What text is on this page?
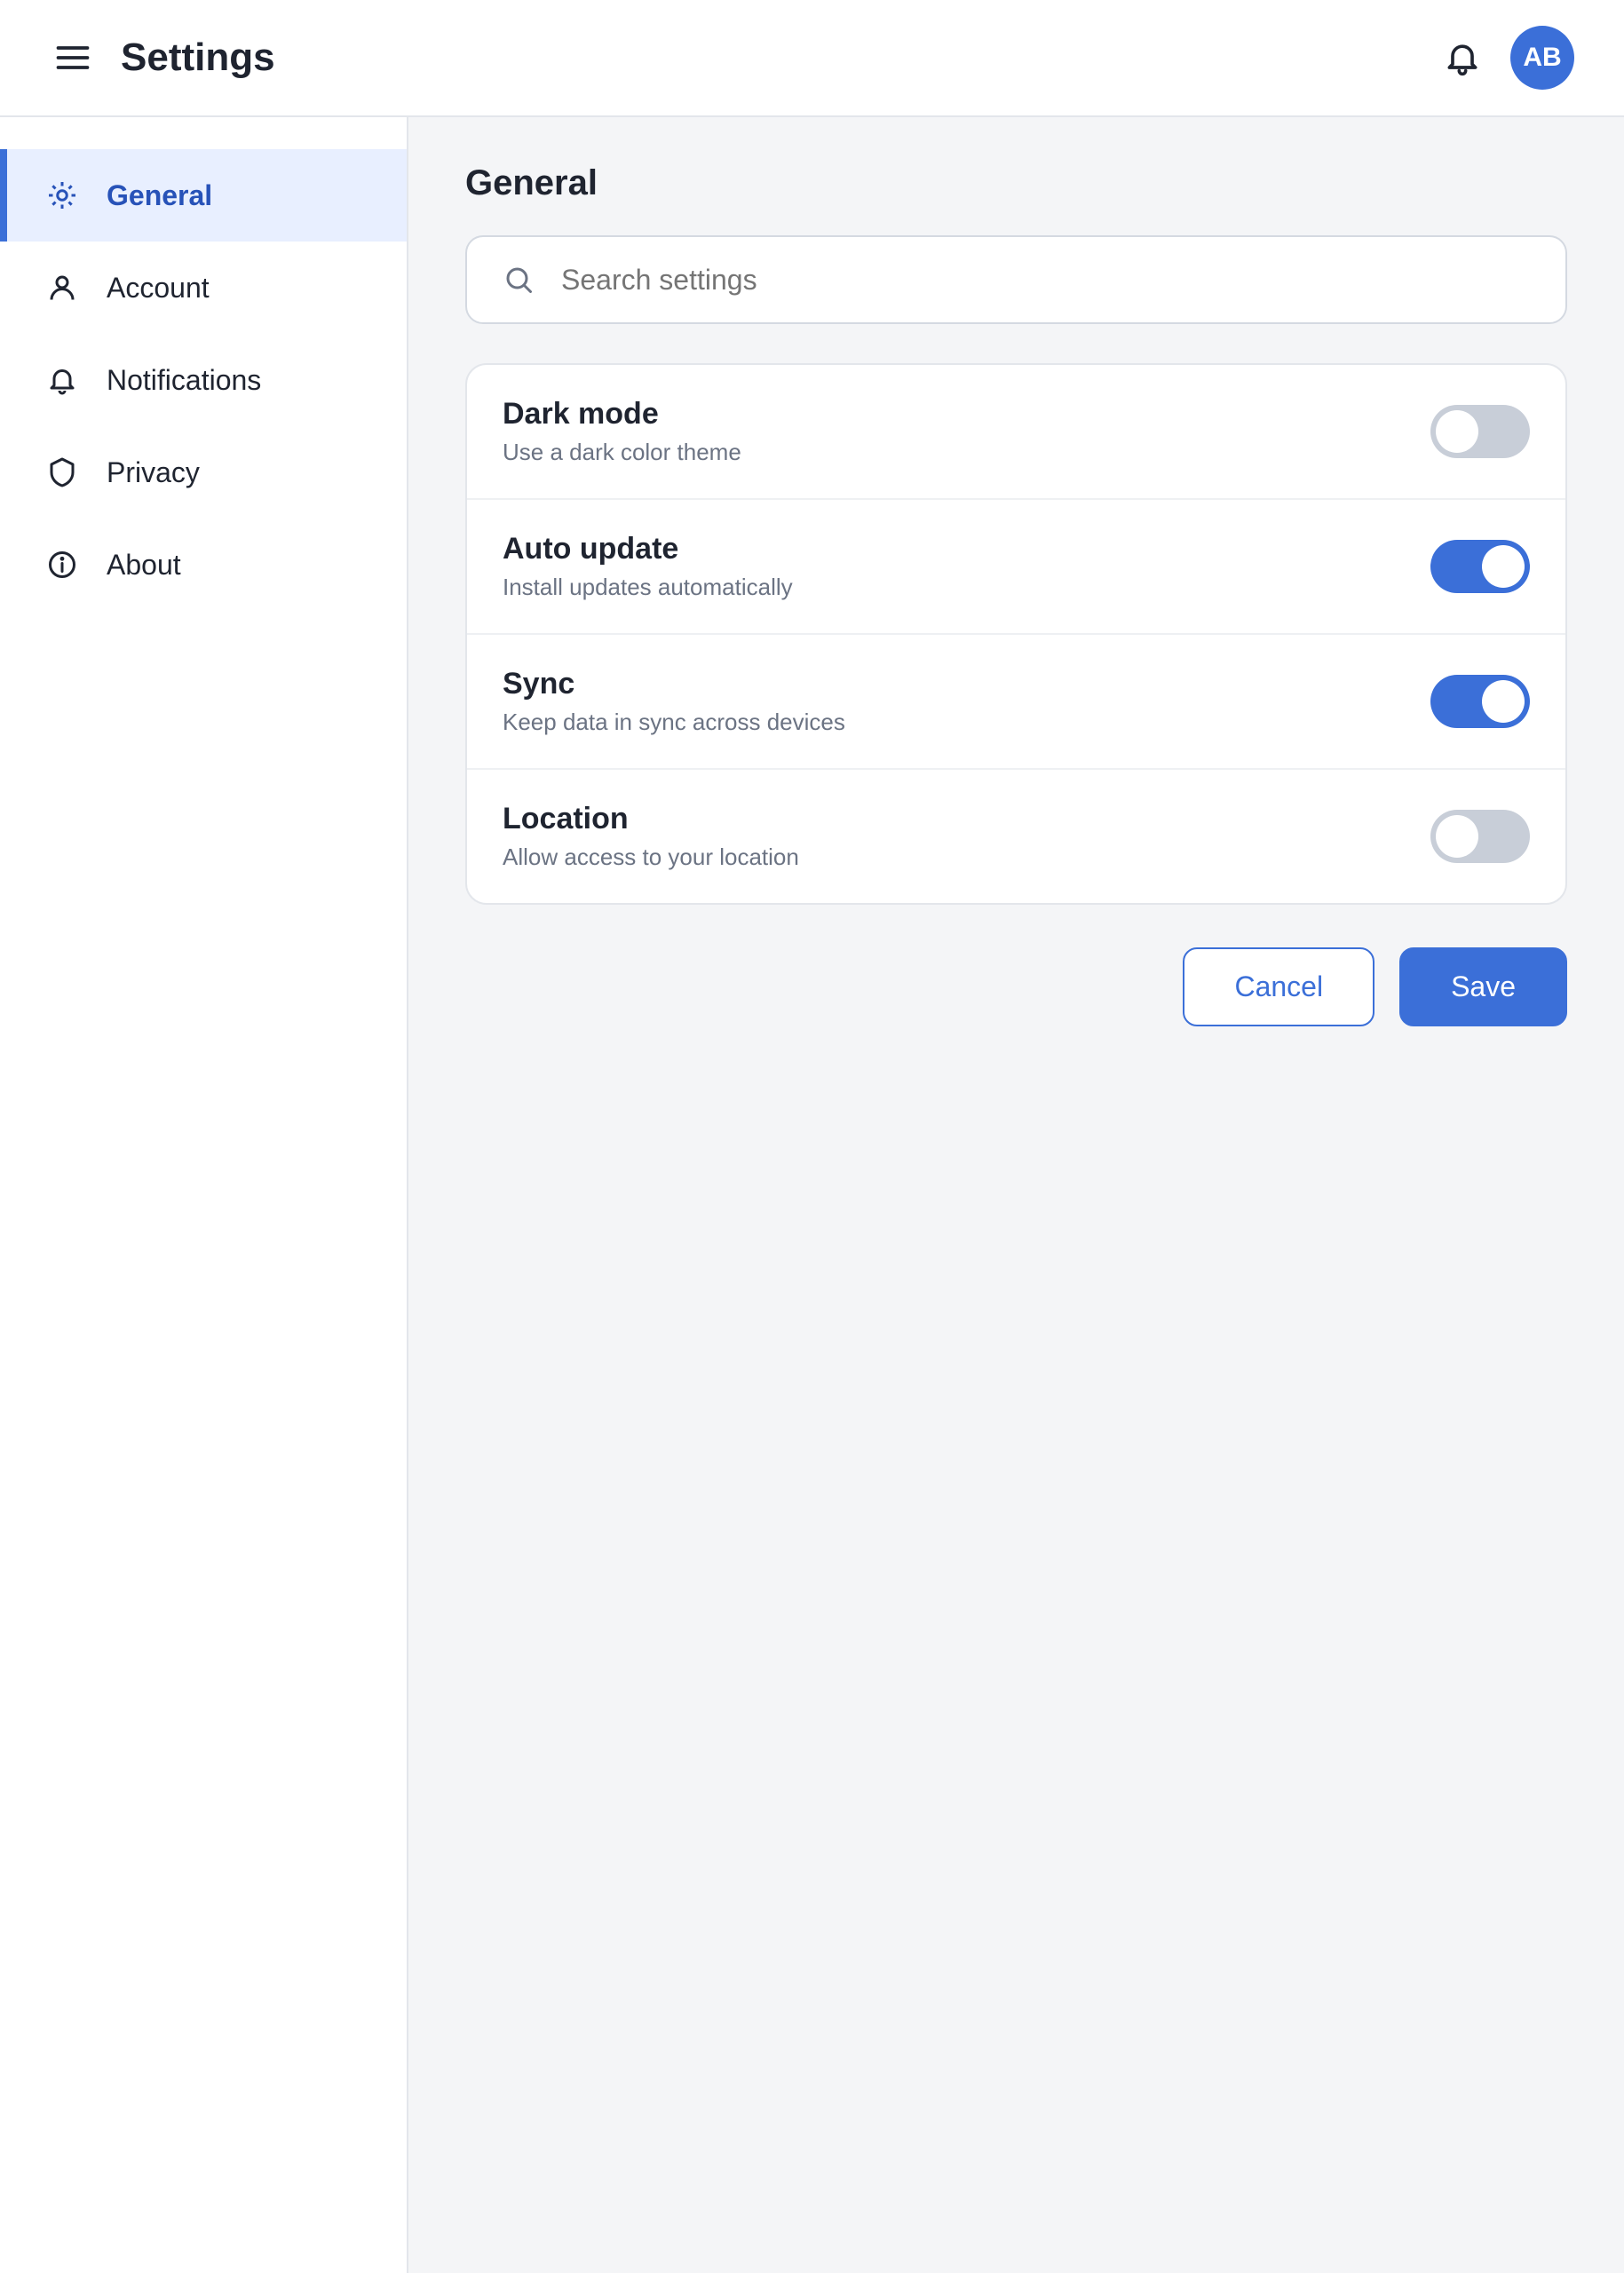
Settings	AB
General
Account
Notifications
Privacy
About
General
Search settings
Dark mode
Use a dark color theme
Auto update
Install updates automatically
Sync
Keep data in sync across devices
Location
Allow access to your location
Cancel	Save
